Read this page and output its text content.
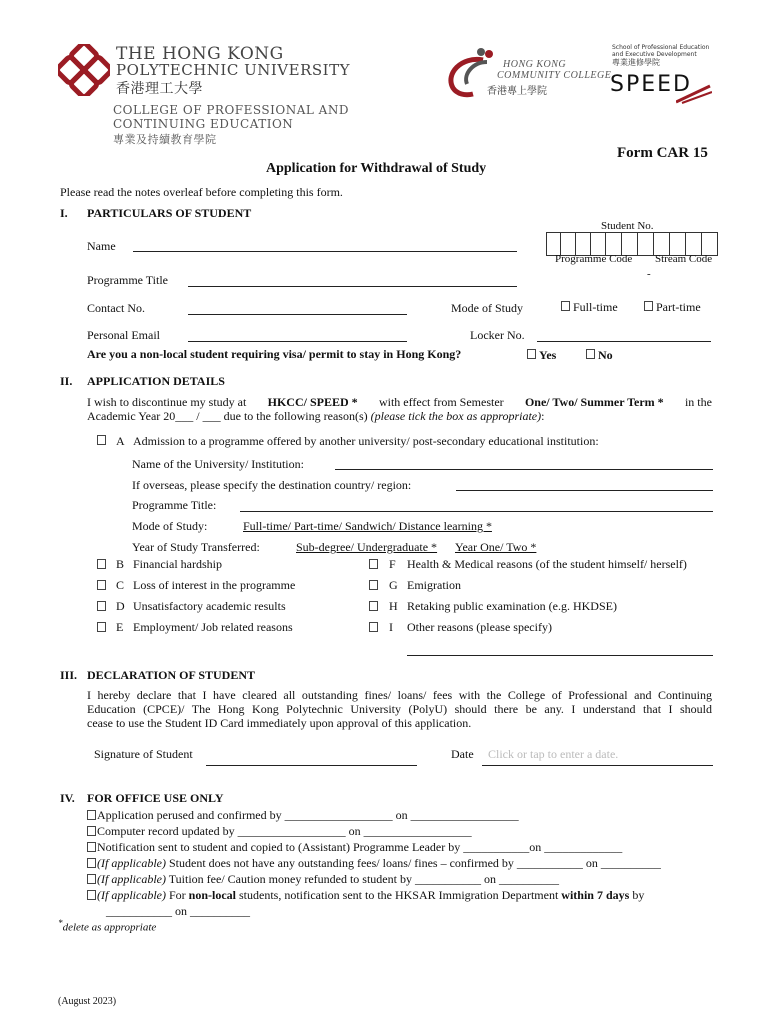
THE HONG KONG
POLYTECHNIC UNIVERSITY
香港理工大學
COLLEGE OF PROFESSIONAL AND
CONTINUING EDUCATION
專業及持續教育學院
HONG KONG
COMMUNITY COLLEGE
香港專上學院
School of Professional Education
and Executive Development
專業進修學院
SPEED
Form CAR 15
Application for Withdrawal of Study
Please read the notes overleaf before completing this form.
I. PARTICULARS OF STUDENT
Student No.
Name
Programme Code Stream Code
-
Programme Title
Contact No.	Mode of Study	Full-time	Part-time
Personal Email	Locker No.
Are you a non-local student requiring visa/ permit to stay in Hong Kong?	Yes	No
II. APPLICATION DETAILS
I wish to discontinue my study at HKCC/ SPEED * with effect from Semester One/ Two/ Summer Term * in the
Academic Year 20___ / ___ due to the following reason(s) (please tick the box as appropriate):
A Admission to a programme offered by another university/ post-secondary educational institution:
Name of the University/ Institution:
If overseas, please specify the destination country/ region:
Programme Title:
Mode of Study:	Full-time/ Part-time/ Sandwich/ Distance learning *
Year of Study Transferred:	Sub-degree/ Undergraduate * Year One/ Two *
B Financial hardship
C Loss of interest in the programme
D Unsatisfactory academic results
E Employment/ Job related reasons
F Health & Medical reasons (of the student himself/ herself)
G Emigration
H Retaking public examination (e.g. HKDSE)
I Other reasons (please specify)
III. DECLARATION OF STUDENT
I hereby declare that I have cleared all outstanding fines/ loans/ fees with the College of Professional and Continuing
Education (CPCE)/ The Hong Kong Polytechnic University (PolyU) should there be any. I understand that I should
cease to use the Student ID Card immediately upon approval of this application.
Signature of Student	Date Click or tap to enter a date.
IV. FOR OFFICE USE ONLY
Application perused and confirmed by __________________ on __________________
Computer record updated by __________________ on __________________
Notification sent to student and copied to (Assistant) Programme Leader by ___________on _____________
(If applicable) Student does not have any outstanding fees/ loans/ fines – confirmed by ___________ on __________
(If applicable) Tuition fee/ Caution money refunded to student by ___________ on __________
(If applicable) For non-local students, notification sent to the HKSAR Immigration Department within 7 days by
___________ on __________
*delete as appropriate
(August 2023)
